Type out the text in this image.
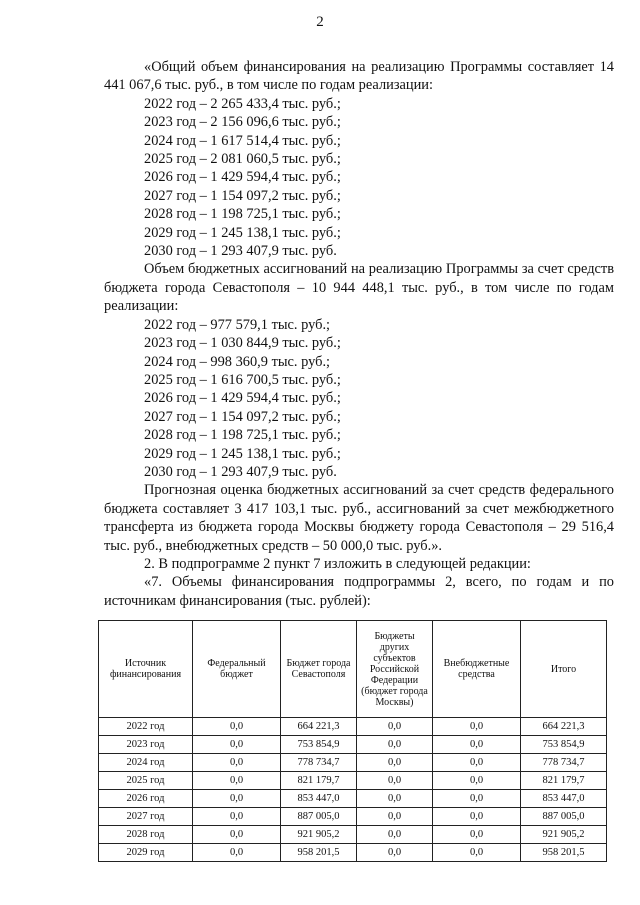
2

«Общий объем финансирования на реализацию Программы составляет 14 441 067,6 тыс. руб., в том числе по годам реализации:

2022 год – 2 265 433,4 тыс. руб.;
2023 год – 2 156 096,6 тыс. руб.;
2024 год – 1 617 514,4 тыс. руб.;
2025 год – 2 081 060,5 тыс. руб.;
2026 год – 1 429 594,4 тыс. руб.;
2027 год – 1 154 097,2 тыс. руб.;
2028 год – 1 198 725,1 тыс. руб.;
2029 год – 1 245 138,1 тыс. руб.;
2030 год – 1 293 407,9 тыс. руб.

Объем бюджетных ассигнований на реализацию Программы за счет средств бюджета города Севастополя – 10 944 448,1 тыс. руб., в том числе по годам реализации:

2022 год – 977 579,1 тыс. руб.;
2023 год – 1 030 844,9 тыс. руб.;
2024 год – 998 360,9 тыс. руб.;
2025 год – 1 616 700,5 тыс. руб.;
2026 год – 1 429 594,4 тыс. руб.;
2027 год – 1 154 097,2 тыс. руб.;
2028 год – 1 198 725,1 тыс. руб.;
2029 год – 1 245 138,1 тыс. руб.;
2030 год – 1 293 407,9 тыс. руб.

Прогнозная оценка бюджетных ассигнований за счет средств федерального бюджета составляет 3 417 103,1 тыс. руб., ассигнований за счет межбюджетного трансферта из бюджета города Москвы бюджету города Севастополя – 29 516,4 тыс. руб., внебюджетных средств – 50 000,0 тыс. руб.».

2. В подпрограмме 2 пункт 7 изложить в следующей редакции:

«7. Объемы финансирования подпрограммы 2, всего, по годам и по источникам финансирования (тыс. рублей):

Источник финансирования	Федеральный бюджет	Бюджет города Севастополя	Бюджеты других субъектов Российской Федерации (бюджет города Москвы)	Внебюджетные средства	Итого
2022 год	0,0	664 221,3	0,0	0,0	664 221,3
2023 год	0,0	753 854,9	0,0	0,0	753 854,9
2024 год	0,0	778 734,7	0,0	0,0	778 734,7
2025 год	0,0	821 179,7	0,0	0,0	821 179,7
2026 год	0,0	853 447,0	0,0	0,0	853 447,0
2027 год	0,0	887 005,0	0,0	0,0	887 005,0
2028 год	0,0	921 905,2	0,0	0,0	921 905,2
2029 год	0,0	958 201,5	0,0	0,0	958 201,5
